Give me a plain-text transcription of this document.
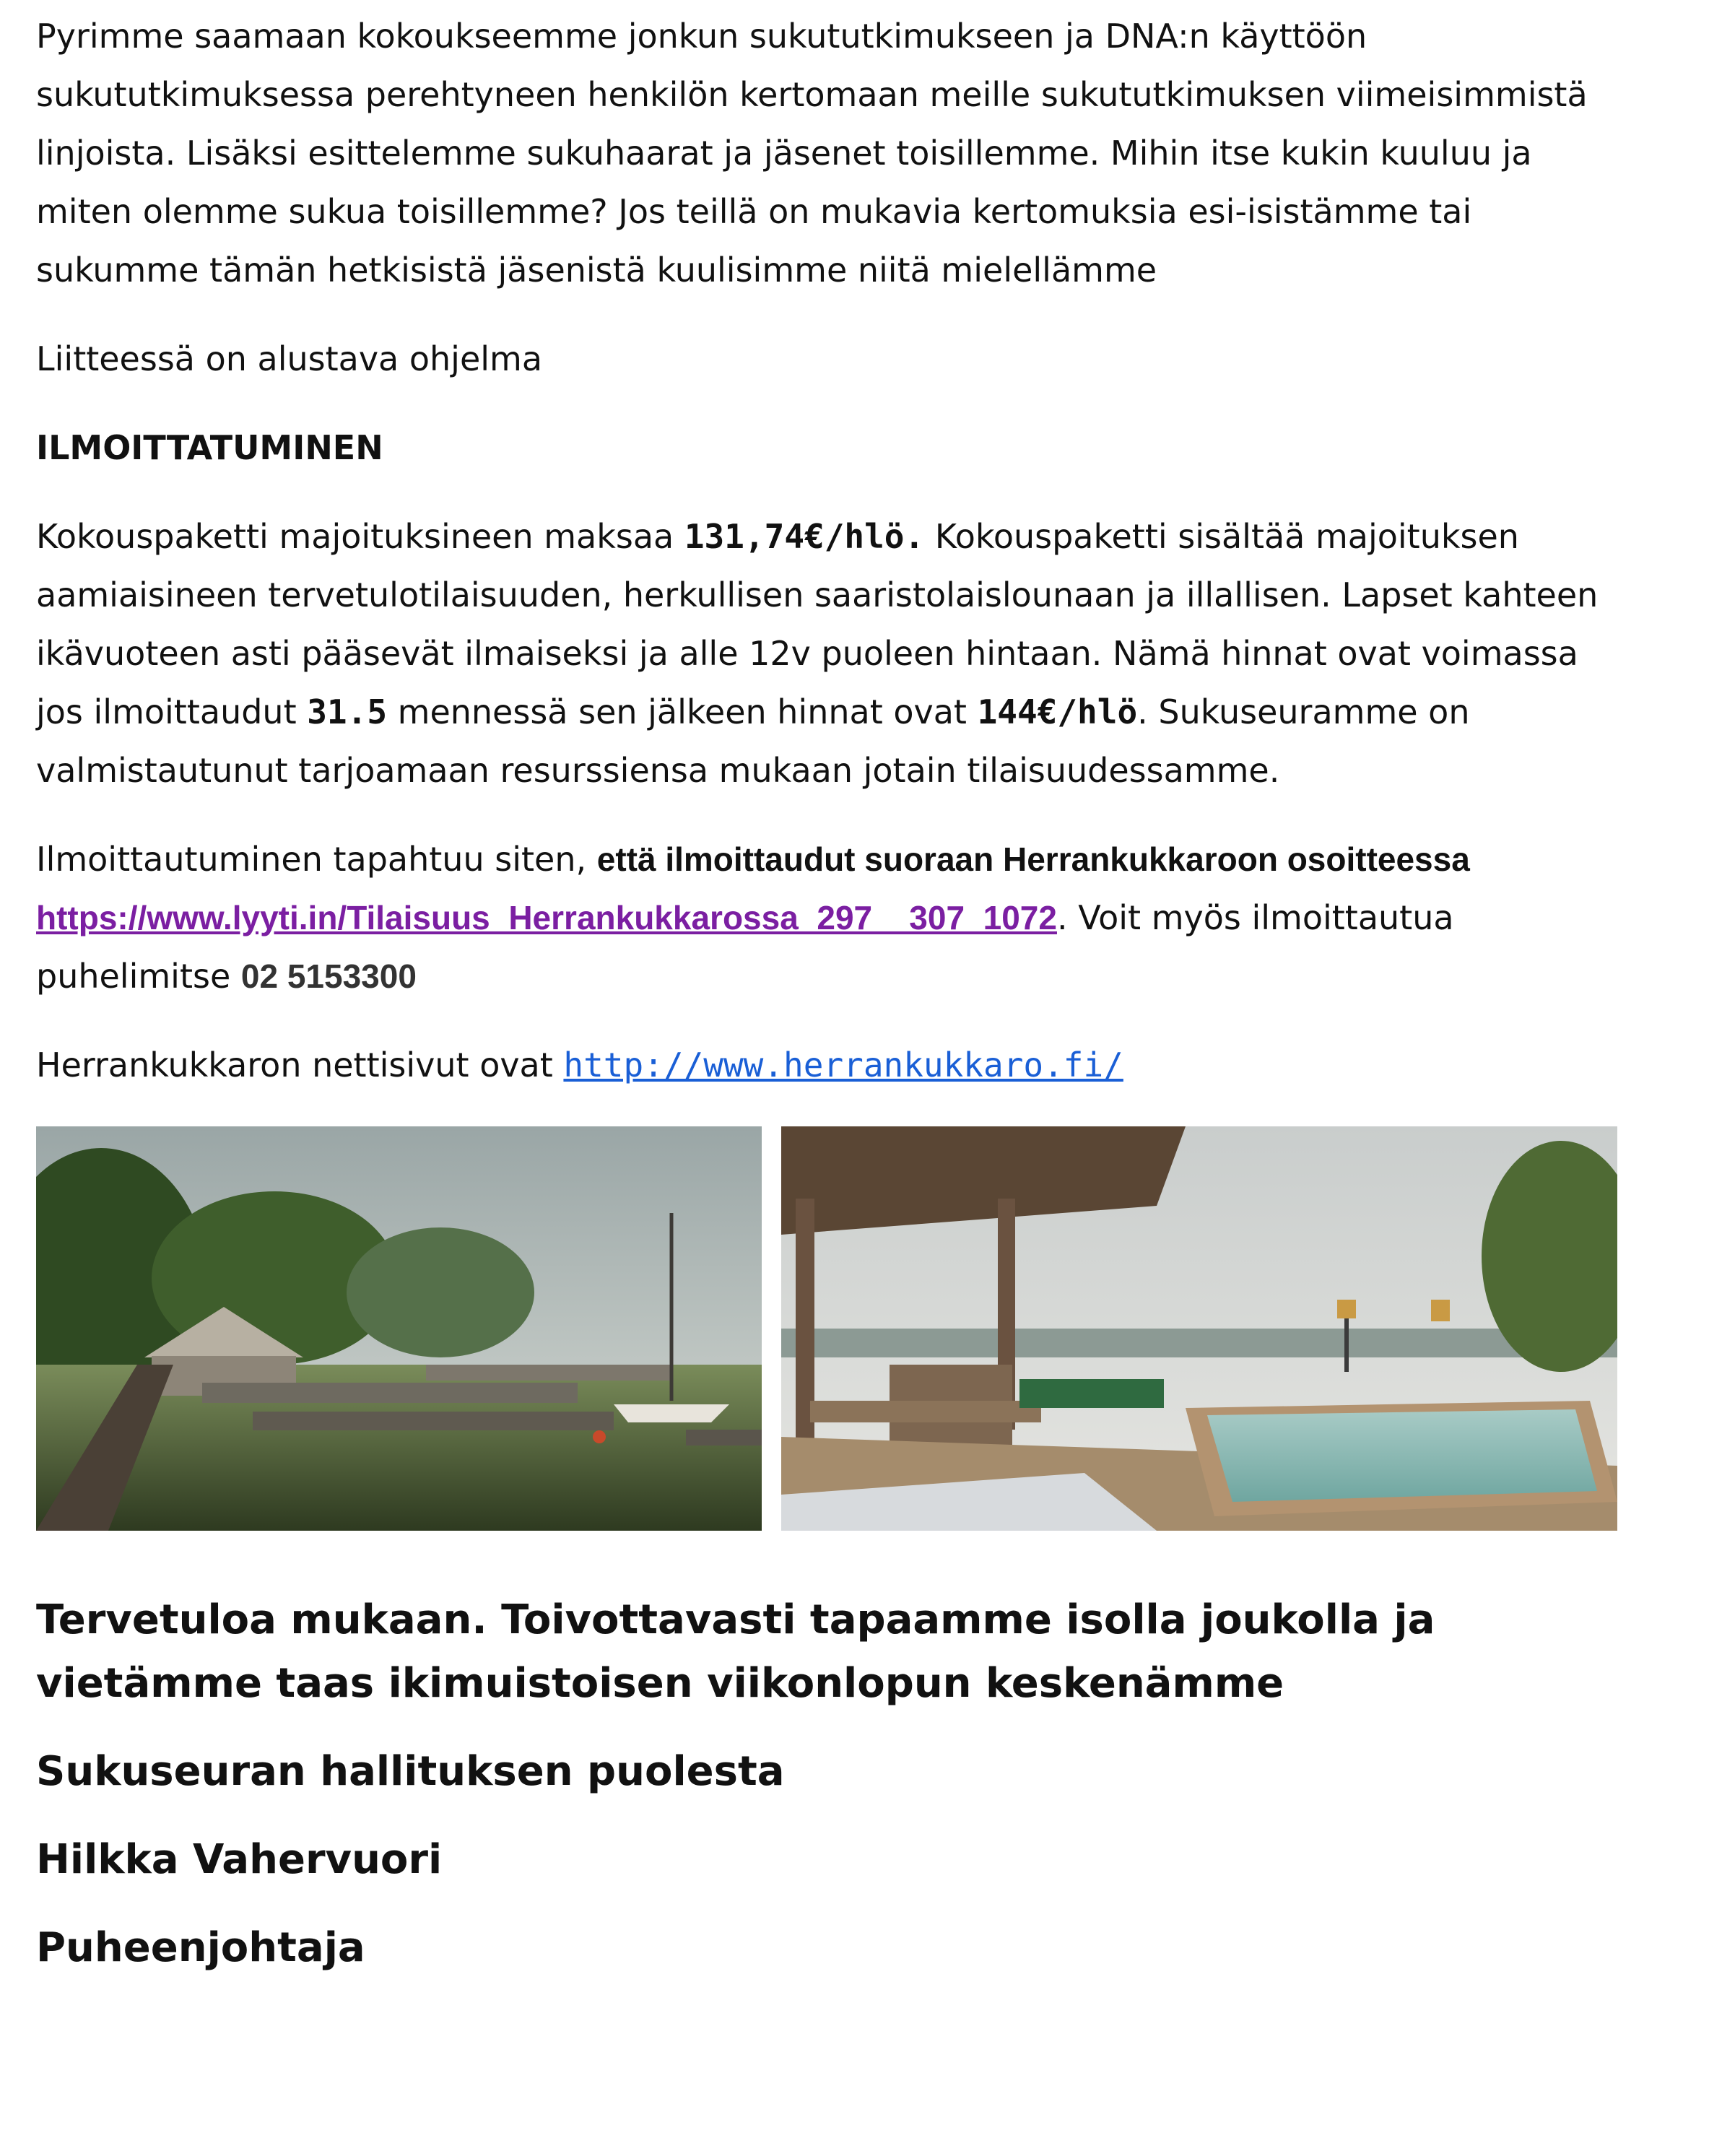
Pyrimme saamaan kokoukseemme jonkun sukututkimukseen ja DNA:n käyttöön sukututkimuksessa perehtyneen henkilön kertomaan meille sukututkimuksen viimeisimmistä linjoista. Lisäksi esittelemme sukuhaarat ja jäsenet toisillemme. Mihin itse kukin kuuluu ja miten olemme sukua toisillemme? Jos teillä on mukavia kertomuksia esi-isistämme tai sukumme tämän hetkisistä jäsenistä kuulisimme niitä mielellämme

Liitteessä on alustava ohjelma

ILMOITTATUMINEN

Kokouspaketti majoituksineen maksaa 131,74€/hlö. Kokouspaketti sisältää majoituksen aamiaisineen tervetulotilaisuuden, herkullisen saaristolaislounaan ja illallisen. Lapset kahteen ikävuoteen asti pääsevät ilmaiseksi ja alle 12v puoleen hintaan. Nämä hinnat ovat voimassa jos ilmoittaudut 31.5 mennessä sen jälkeen hinnat ovat 144€/hlö. Sukuseuramme on valmistautunut tarjoamaan resurssiensa mukaan jotain tilaisuudessamme.

Ilmoittautuminen tapahtuu siten, että ilmoittaudut suoraan Herrankukkaroon osoitteessa https://www.lyyti.in/Tilaisuus_Herrankukkarossa_297__307_1072. Voit myös ilmoittautua puhelimitse 02 5153300

Herrankukkaron nettisivut ovat http://www.herrankukkaro.fi/

Tervetuloa mukaan. Toivottavasti tapaamme isolla joukolla ja vietämme taas ikimuistoisen viikonlopun keskenämme

Sukuseuran hallituksen puolesta

Hilkka Vahervuori

Puheenjohtaja
